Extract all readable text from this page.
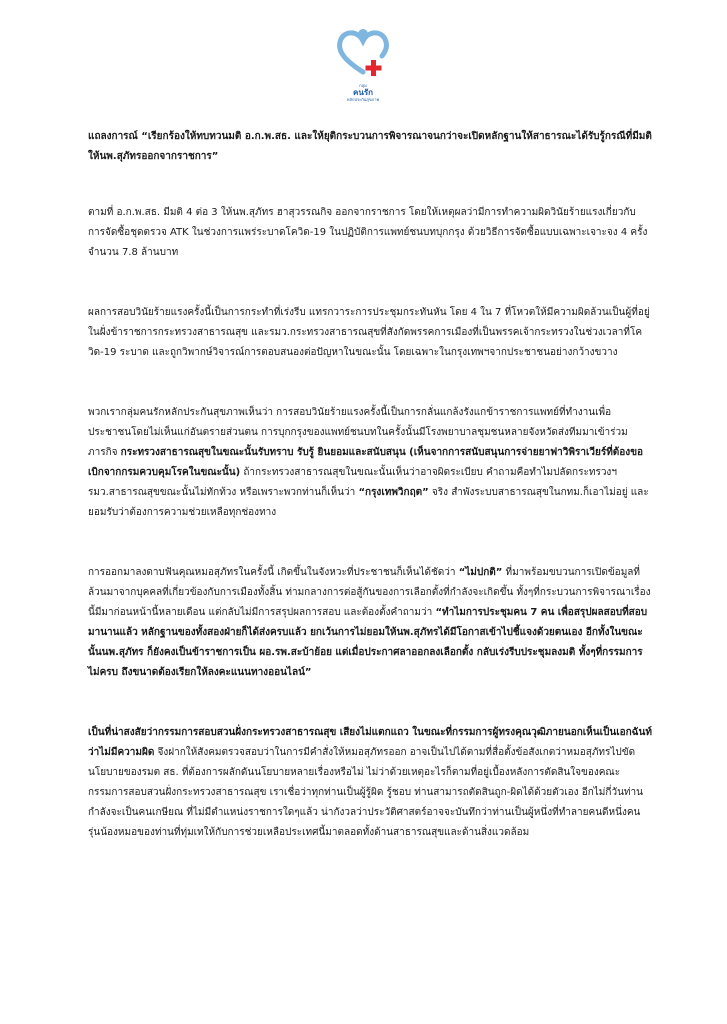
กลุ่ม
คนรัก
หลักประกันสุขภาพ

แถลงการณ์ “เรียกร้องให้ทบทวนมติ อ.ก.พ.สธ. และให้ยุติกระบวนการพิจารณาจนกว่าจะเปิดหลักฐานให้สาธารณะได้รับรู้กรณีที่มีมติให้นพ.สุภัทรออกจากราชการ”

ตามที่ อ.ก.พ.สธ. มีมติ 4 ต่อ 3 ให้นพ.สุภัทร ฮาสุวรรณกิจ ออกจากราชการ โดยให้เหตุผลว่ามีการทำความผิดวินัยร้ายแรงเกี่ยวกับการจัดซื้อชุดตรวจ ATK ในช่วงการแพร่ระบาดโควิด-19 ในปฏิบัติการแพทย์ชนบทบุกกรุง ด้วยวิธีการจัดซื้อแบบเฉพาะเจาะจง 4 ครั้งจำนวน 7.8 ล้านบาท

ผลการสอบวินัยร้ายแรงครั้งนี้เป็นการกระทำที่เร่งรีบ แทรกวาระการประชุมกระทันหัน โดย 4 ใน 7 ที่โหวตให้มีความผิดล้วนเป็นผู้ที่อยู่ในฝั่งข้าราชการกระทรวงสาธารณสุข และรมว.กระทรวงสาธารณสุขที่สังกัดพรรคการเมืองที่เป็นพรรคเจ้ากระทรวงในช่วงเวลาที่โควิด-19 ระบาด และถูกวิพากษ์วิจารณ์การตอบสนองต่อปัญหาในขณะนั้น โดยเฉพาะในกรุงเทพฯจากประชาชนอย่างกว้างขวาง

พวกเรากลุ่มคนรักหลักประกันสุขภาพเห็นว่า การสอบวินัยร้ายแรงครั้งนี้เป็นการกลั่นแกล้งรังแกข้าราชการแพทย์ที่ทำงานเพื่อประชาชนโดยไม่เห็นแก่อันตรายส่วนตน การบุกกรุงของแพทย์ชนบทในครั้งนั้นมีโรงพยาบาลชุมชนหลายจังหวัดส่งทีมมาเข้าร่วมภารกิจ กระทรวงสาธารณสุขในขณะนั้นรับทราบ รับรู้ ยินยอมและสนับสนุน (เห็นจากการสนับสนุนการจ่ายยาฟาวิพิราเวียร์ที่ต้องขอเบิกจากกรมควบคุมโรคในขณะนั้น) ถ้ากระทรวงสาธารณสุขในขณะนั้นเห็นว่าอาจผิดระเบียบ คำถามคือทำไมปลัดกระทรวงฯ รมว.สาธารณสุขขณะนั้นไม่ทักท้วง หรือเพราะพวกท่านก็เห็นว่า “กรุงเทพวิกฤต” จริง สำพังระบบสาธารณสุขในกทม.ก็เอาไม่อยู่ และยอมรับว่าต้องการความช่วยเหลือทุกช่องทาง

การออกมาลงดาบฟันคุณหมอสุภัทรในครั้งนี้ เกิดขึ้นในจังหวะที่ประชาชนก็เห็นได้ชัดว่า “ไม่ปกติ” ที่มาพร้อมขบวนการเปิดข้อมูลที่ล้วนมาจากบุคคลที่เกี่ยวข้องกับการเมืองทั้งสิ้น ท่ามกลางการต่อสู้กันของการเลือกตั้งที่กำลังจะเกิดขึ้น ทั้งๆที่กระบวนการพิจารณาเรื่องนี้มีมาก่อนหน้านี้หลายเดือน แต่กลับไม่มีการสรุปผลการสอบ และต้องตั้งคำถามว่า “ทำไมการประชุมคน 7 คน เพื่อสรุปผลสอบที่สอบมานานแล้ว หลักฐานของทั้งสองฝ่ายก็ได้ส่งครบแล้ว ยกเว้นการไม่ยอมให้นพ.สุภัทรได้มีโอกาสเข้าไปชี้แจงด้วยตนเอง อีกทั้งในขณะนั้นนพ.สุภัทร ก็ยังคงเป็นข้าราชการเป็น ผอ.รพ.สะบ้าย้อย แต่เมื่อประกาศลาออกลงเลือกตั้ง กลับเร่งรีบประชุมลงมติ ทั้งๆที่กรรมการไม่ครบ ถึงขนาดต้องเรียกให้ลงคะแนนทางออนไลน์”

เป็นที่น่าสงสัยว่ากรรมการสอบสวนฝั่งกระทรวงสาธารณสุข เสียงไม่แตกแถว ในขณะที่กรรมการผู้ทรงคุณวุฒิภายนอกเห็นเป็นเอกฉันท์ว่าไม่มีความผิด จึงฝากให้สังคมตรวจสอบว่าในการมีคำสั่งให้หมอสุภัทรออก อาจเป็นไปได้ตามที่สื่อตั้งข้อสังเกตว่าหมอสุภัทรไปขัดนโยบายของรมต สธ. ที่ต้องการผลักดันนโยบายหลายเรื่องหรือไม่ ไม่ว่าด้วยเหตุอะไรก็ตามที่อยู่เบื้องหลังการตัดสินใจของคณะกรรมการสอบสวนฝั่งกระทรวงสาธารณสุข เราเชื่อว่าทุกท่านเป็นผู้รู้ผิด รู้ชอบ ท่านสามารถตัดสินถูก-ผิดได้ด้วยตัวเอง อีกไม่กี่วันท่านกำลังจะเป็นคนเกษียณ ที่ไม่มีตำแหน่งราชการใดๆแล้ว น่ากังวลว่าประวัติศาสตร์อาจจะบันทึกว่าท่านเป็นผู้หนึ่งที่ทำลายคนดีหนึ่งคน รุ่นน้องหมอของท่านที่ทุ่มเทให้กับการช่วยเหลือประเทศนี้มาตลอดทั้งด้านสาธารณสุขและด้านสิ่งแวดล้อม
